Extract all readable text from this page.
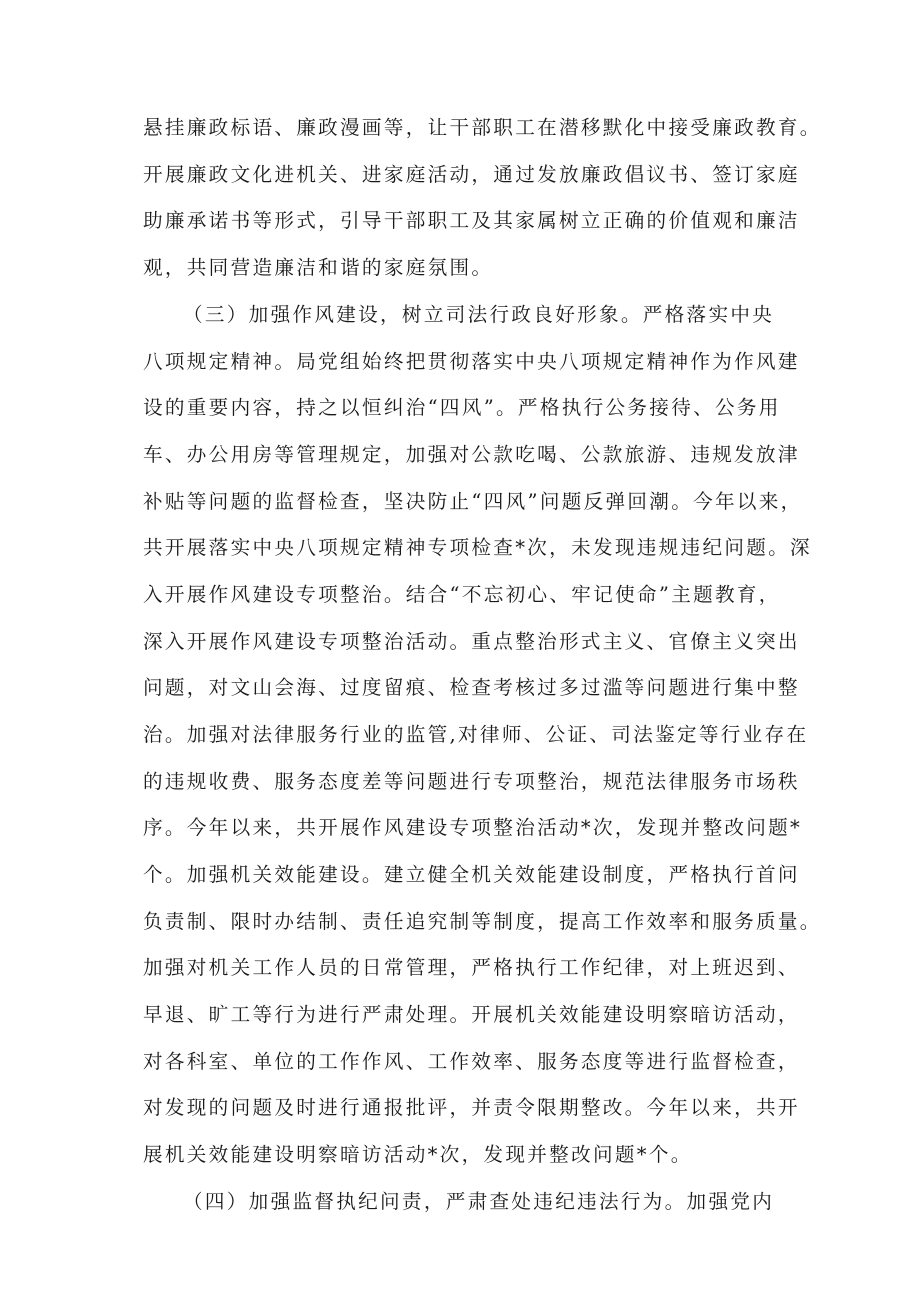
悬挂廉政标语、廉政漫画等，让干部职工在潜移默化中接受廉政教育。
开展廉政文化进机关、进家庭活动，通过发放廉政倡议书、签订家庭
助廉承诺书等形式，引导干部职工及其家属树立正确的价值观和廉洁
观，共同营造廉洁和谐的家庭氛围。
（三）加强作风建设，树立司法行政良好形象。严格落实中央
八项规定精神。局党组始终把贯彻落实中央八项规定精神作为作风建
设的重要内容，持之以恒纠治“四风”。严格执行公务接待、公务用
车、办公用房等管理规定，加强对公款吃喝、公款旅游、违规发放津
补贴等问题的监督检查，坚决防止“四风”问题反弹回潮。今年以来，
共开展落实中央八项规定精神专项检查*次，未发现违规违纪问题。深
入开展作风建设专项整治。结合“不忘初心、牢记使命”主题教育，
深入开展作风建设专项整治活动。重点整治形式主义、官僚主义突出
问题，对文山会海、过度留痕、检查考核过多过滥等问题进行集中整
治。加强对法律服务行业的监管,对律师、公证、司法鉴定等行业存在
的违规收费、服务态度差等问题进行专项整治，规范法律服务市场秩
序。今年以来，共开展作风建设专项整治活动*次，发现并整改问题*
个。加强机关效能建设。建立健全机关效能建设制度，严格执行首问
负责制、限时办结制、责任追究制等制度，提高工作效率和服务质量。
加强对机关工作人员的日常管理，严格执行工作纪律，对上班迟到、
早退、旷工等行为进行严肃处理。开展机关效能建设明察暗访活动，
对各科室、单位的工作作风、工作效率、服务态度等进行监督检查，
对发现的问题及时进行通报批评，并责令限期整改。今年以来，共开
展机关效能建设明察暗访活动*次，发现并整改问题*个。
（四）加强监督执纪问责，严肃查处违纪违法行为。加强党内
